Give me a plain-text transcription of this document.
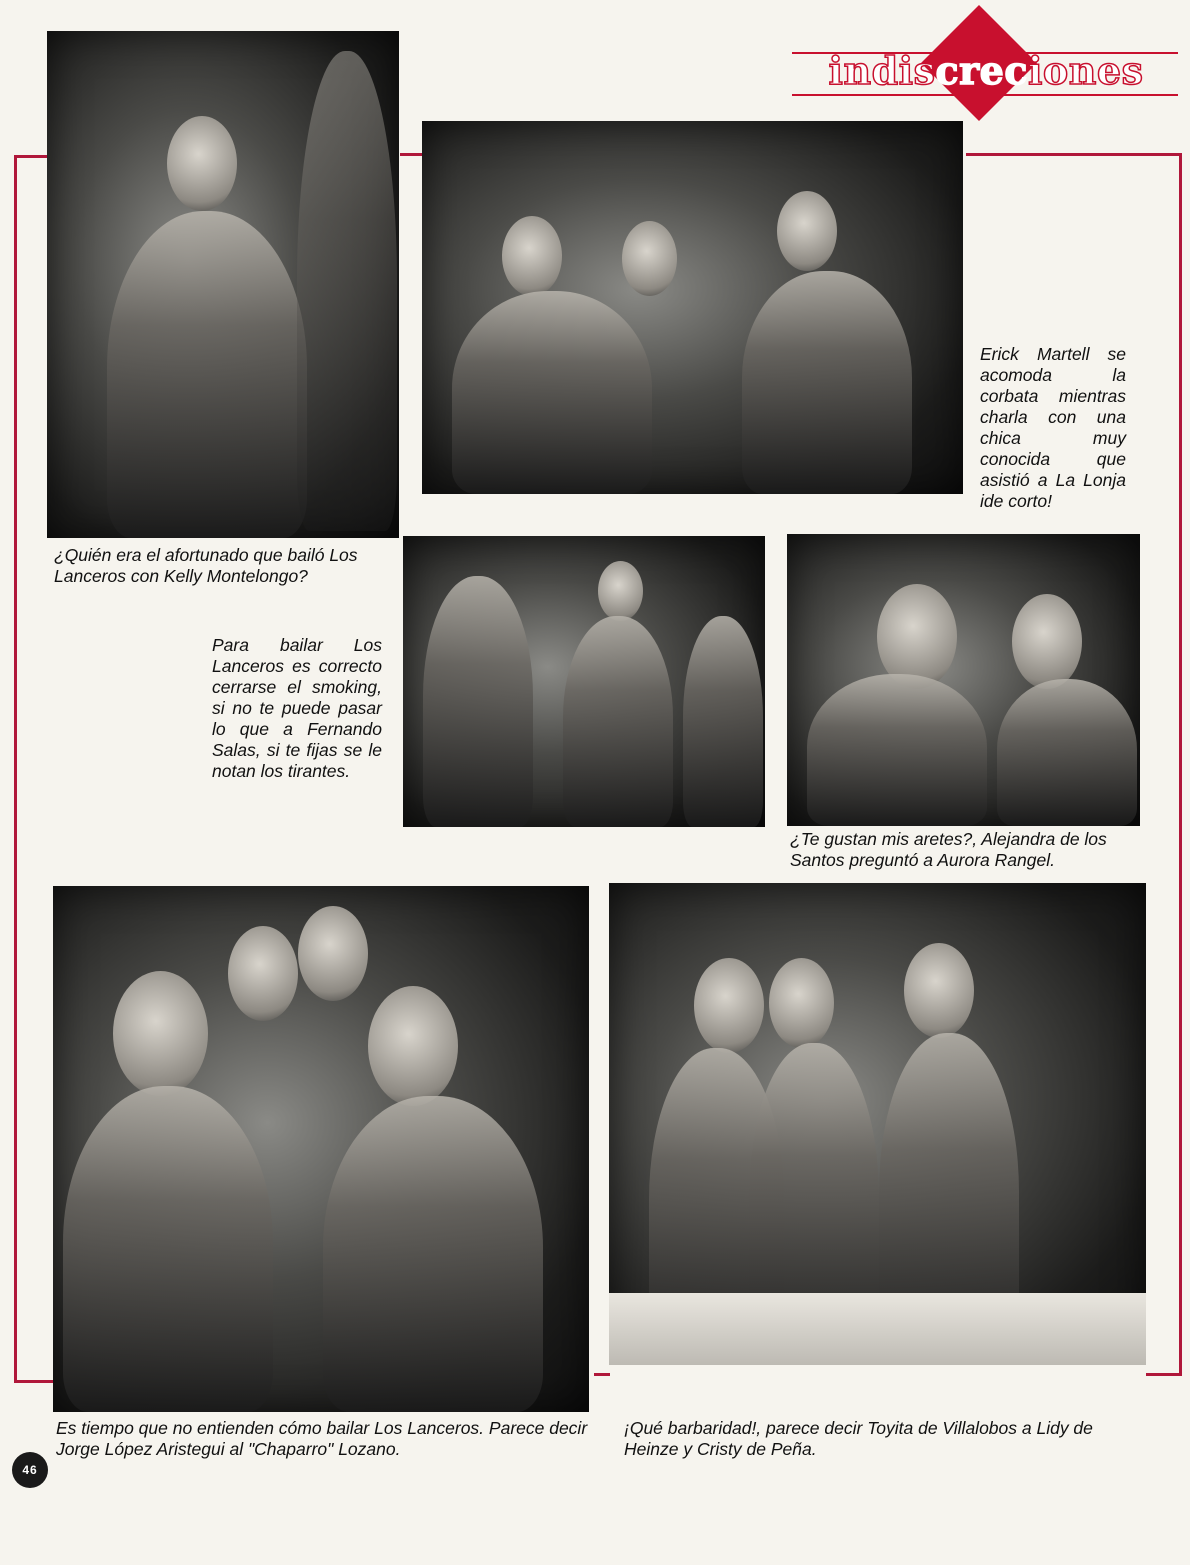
indiscreciones
Erick Martell se acomoda la corbata mientras charla con una chica muy conocida que asistió a La Lonja ide corto!
¿Quién era el afortunado que bailó Los Lanceros con Kelly Montelongo?
Para bailar Los Lanceros es correcto cerrarse el smoking, si no te puede pasar lo que a Fernando Salas, si te fijas se le notan los tirantes.
¿Te gustan mis aretes?, Alejandra de los Santos preguntó a Aurora Rangel.
Es tiempo que no entienden cómo bailar Los Lanceros. Parece decir Jorge López Aristegui al "Chaparro" Lozano.
¡Qué barbaridad!, parece decir Toyita de Villalobos a Lidy de Heinze y Cristy de Peña.
46
